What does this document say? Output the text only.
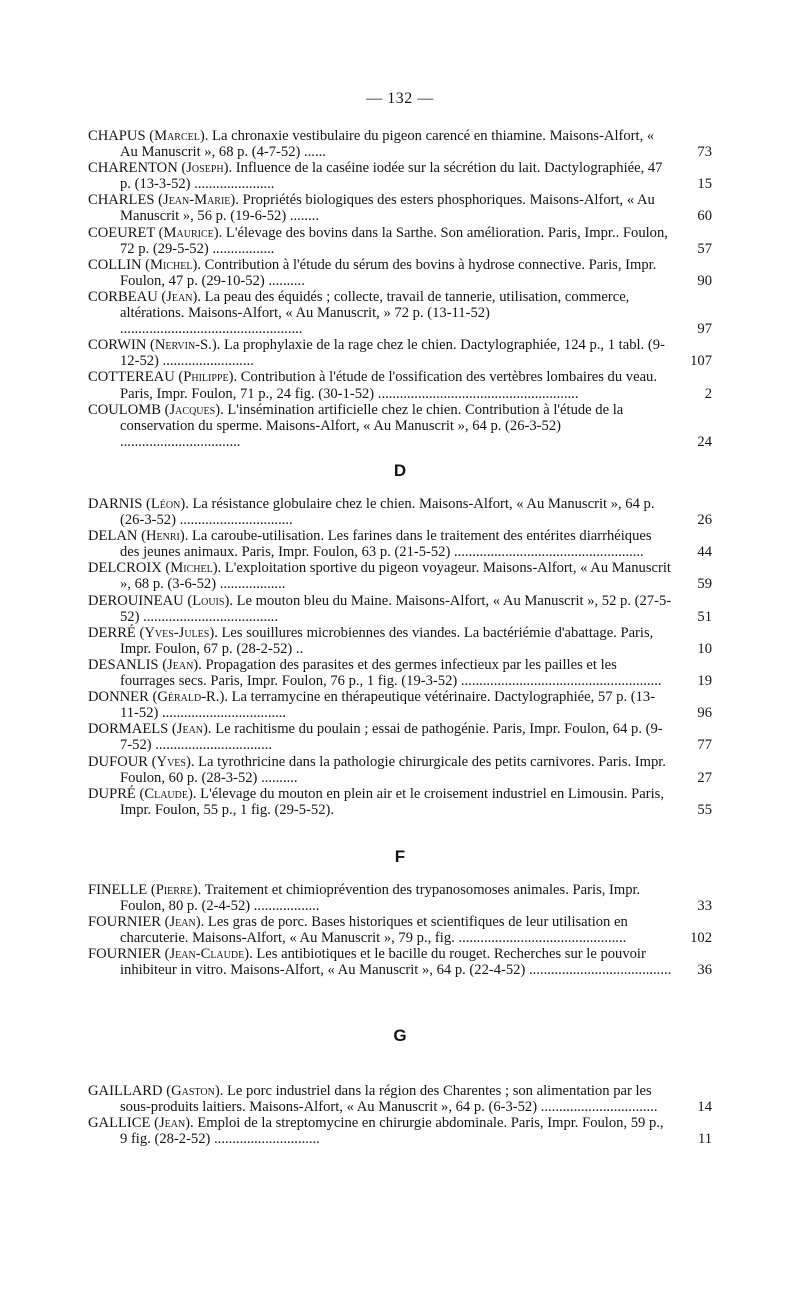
— 132 —
CHAPUS (Marcel). La chronaxie vestibulaire du pigeon carencé en thiamine. Maisons-Alfort, « Au Manuscrit », 68 p. (4-7-52) ......	73
CHARENTON (Joseph). Influence de la caséine iodée sur la sécrétion du lait. Dactylographiée, 47 p. (13-3-52) ......................	15
CHARLES (Jean-Marie). Propriétés biologiques des esters phosphoriques. Maisons-Alfort, « Au Manuscrit », 56 p. (19-6-52) ........	60
COEURET (Maurice). L'élevage des bovins dans la Sarthe. Son amélioration. Paris, Impr.. Foulon, 72 p. (29-5-52) .................	57
COLLIN (Michel). Contribution à l'étude du sérum des bovins à hydrose connective. Paris, Impr. Foulon, 47 p. (29-10-52) ..........	90
CORBEAU (Jean). La peau des équidés ; collecte, travail de tannerie, utilisation, commerce, altérations. Maisons-Alfort, « Au Manuscrit, » 72 p. (13-11-52) ..................................................	97
CORWIN (Nervin-S.). La prophylaxie de la rage chez le chien. Dactylographiée, 124 p., 1 tabl. (9-12-52) .........................	107
COTTEREAU (Philippe). Contribution à l'étude de l'ossification des vertèbres lombaires du veau. Paris, Impr. Foulon, 71 p., 24 fig. (30-1-52) .......................................................	2
COULOMB (Jacques). L'insémination artificielle chez le chien. Contribution à l'étude de la conservation du sperme. Maisons-Alfort, « Au Manuscrit », 64 p. (26-3-52) .................................	24
D
DARNIS (Léon). La résistance globulaire chez le chien. Maisons-Alfort, « Au Manuscrit », 64 p. (26-3-52) ...............................	26
DELAN (Henri). La caroube-utilisation. Les farines dans le traitement des entérites diarrhéiques des jeunes animaux. Paris, Impr. Foulon, 63 p. (21-5-52) ....................................................	44
DELCROIX (Michel). L'exploitation sportive du pigeon voyageur. Maisons-Alfort, « Au Manuscrit », 68 p. (3-6-52) ..................	59
DEROUINEAU (Louis). Le mouton bleu du Maine. Maisons-Alfort, « Au Manuscrit », 52 p. (27-5-52) .....................................	51
DERRÉ (Yves-Jules). Les souillures microbiennes des viandes. La bactériémie d'abattage. Paris, Impr. Foulon, 67 p. (28-2-52) ..	10
DESANLIS (Jean). Propagation des parasites et des germes infectieux par les pailles et les fourrages secs. Paris, Impr. Foulon, 76 p., 1 fig. (19-3-52) .......................................................	19
DONNER (Gérald-R.). La terramycine en thérapeutique vétérinaire. Dactylographiée, 57 p. (13-11-52) ..................................	96
DORMAELS (Jean). Le rachitisme du poulain ; essai de pathogénie. Paris, Impr. Foulon, 64 p. (9-7-52) ................................	77
DUFOUR (Yves). La tyrothricine dans la pathologie chirurgicale des petits carnivores. Paris. Impr. Foulon, 60 p. (28-3-52) ..........	27
DUPRÉ (Claude). L'élevage du mouton en plein air et le croisement industriel en Limousin. Paris, Impr. Foulon, 55 p., 1 fig. (29-5-52).	55
F
FINELLE (Pierre). Traitement et chimioprévention des trypanosomoses animales. Paris, Impr. Foulon, 80 p. (2-4-52) ..................	33
FOURNIER (Jean). Les gras de porc. Bases historiques et scientifiques de leur utilisation en charcuterie. Maisons-Alfort, « Au Manuscrit », 79 p., fig. ..............................................	102
FOURNIER (Jean-Claude). Les antibiotiques et le bacille du rouget. Recherches sur le pouvoir inhibiteur in vitro. Maisons-Alfort, « Au Manuscrit », 64 p. (22-4-52) .......................................	36
G
GAILLARD (Gaston). Le porc industriel dans la région des Charentes ; son alimentation par les sous-produits laitiers. Maisons-Alfort, « Au Manuscrit », 64 p. (6-3-52) ................................	14
GALLICE (Jean). Emploi de la streptomycine en chirurgie abdominale. Paris, Impr. Foulon, 59 p., 9 fig. (28-2-52) .............................	11
